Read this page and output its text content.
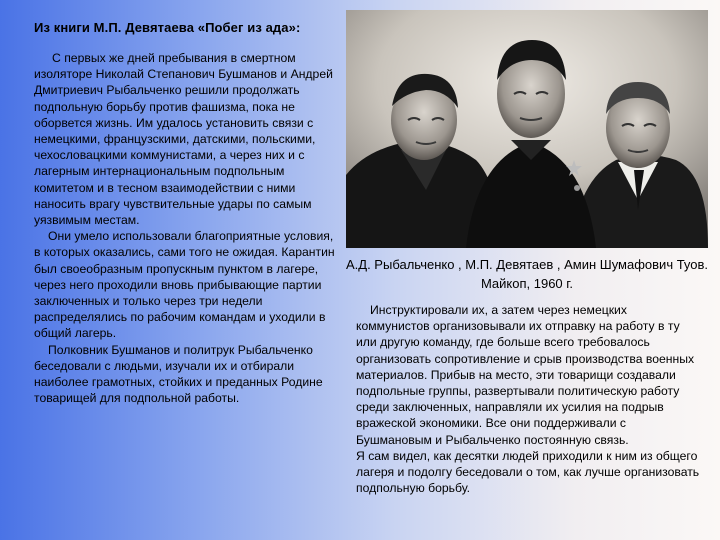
Из книги М.П. Девятаева «Побег из ада»:

С первых же дней пребывания в смертном изоляторе Николай Степанович Бушманов и Андрей Дмитриевич Рыбальченко решили продолжать подпольную борьбу против фашизма, пока не оборвется жизнь. Им удалось установить связи с немецкими, французскими, датскими, польскими, чехословацкими коммунистами, а через них и с лагерным интернациональным подпольным комитетом и в тесном взаимодействии с ними наносить врагу чувствительные удары по самым уязвимым местам.

Они умело использовали благоприятные условия, в которых оказались, сами того не ожидая. Карантин был своеобразным пропускным пунктом в лагере, через него проходили вновь прибывающие партии заключенных и только через три недели распределялись по рабочим командам и уходили в общий лагерь.

Полковник Бушманов и политрук Рыбальченко беседовали с людьми, изучали их и отбирали наиболее грамотных, стойких и преданных Родине товарищей для подпольной работы.

А.Д. Рыбальченко , М.П. Девятаев , Амин Шумафович Туов. Майкоп, 1960 г.

Инструктировали их, а затем через немецких коммунистов организовывали их отправку на работу в ту или другую команду, где больше всего требовалось организовать сопротивление и срыв производства военных материалов. Прибыв на место, эти товарищи создавали подпольные группы, развертывали политическую работу среди заключенных, направляли их усилия на подрыв вражеской экономики. Все они поддерживали с Бушмановым и Рыбальченко постоянную связь.

Я сам видел, как десятки людей приходили к ним из общего лагеря и подолгу беседовали о том, как лучше организовать подпольную борьбу.
